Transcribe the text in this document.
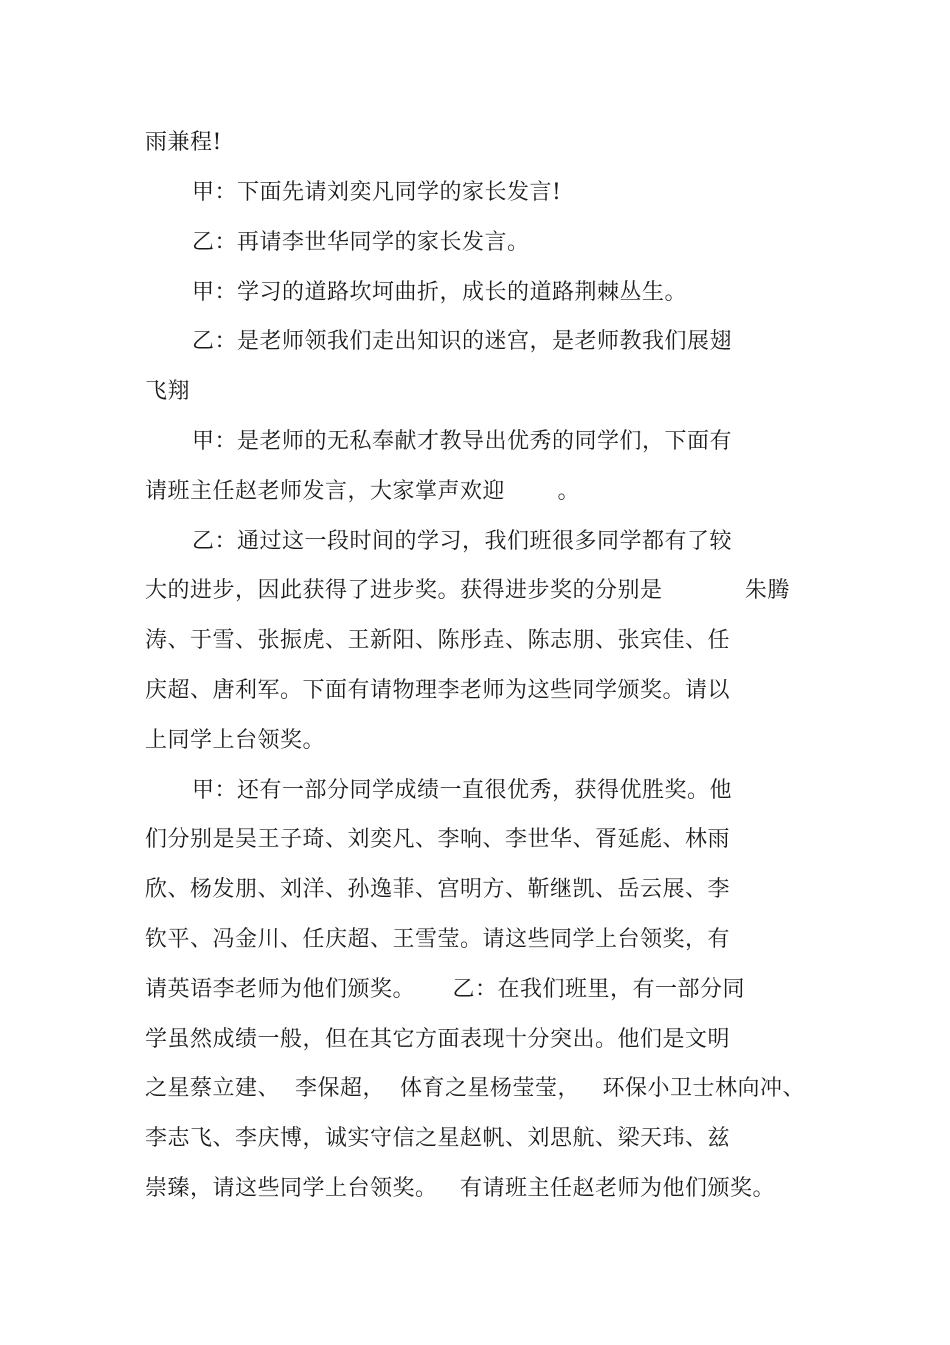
雨兼程!
甲：下面先请刘奕凡同学的家长发言!
乙：再请李世华同学的家长发言。
甲：学习的道路坎坷曲折，成长的道路荆棘丛生。
乙：是老师领我们走出知识的迷宫，是老师教我们展翅
飞翔
甲：是老师的无私奉献才教导出优秀的同学们，下面有
请班主任赵老师发言，大家掌声欢迎       。
乙：通过这一段时间的学习，我们班很多同学都有了较
大的进步，因此获得了进步奖。获得进步奖的分别是           朱腾
涛、于雪、张振虎、王新阳、陈彤垚、陈志朋、张宾佳、任
庆超、唐利军。下面有请物理李老师为这些同学颁奖。请以
上同学上台领奖。
甲：还有一部分同学成绩一直很优秀，获得优胜奖。他
们分别是吴王子琦、刘奕凡、李响、李世华、胥延彪、林雨
欣、杨发朋、刘洋、孙逸菲、宫明方、靳继凯、岳云展、李
钦平、冯金川、任庆超、王雪莹。请这些同学上台领奖，有
请英语李老师为他们颁奖。     乙：在我们班里，有一部分同
学虽然成绩一般，但在其它方面表现十分突出。他们是文明
之星蔡立建、  李保超，  体育之星杨莹莹，   环保小卫士林向冲、
李志飞、李庆博，诚实守信之星赵帆、刘思航、梁天玮、兹
崇臻，请这些同学上台领奖。   有请班主任赵老师为他们颁奖。
